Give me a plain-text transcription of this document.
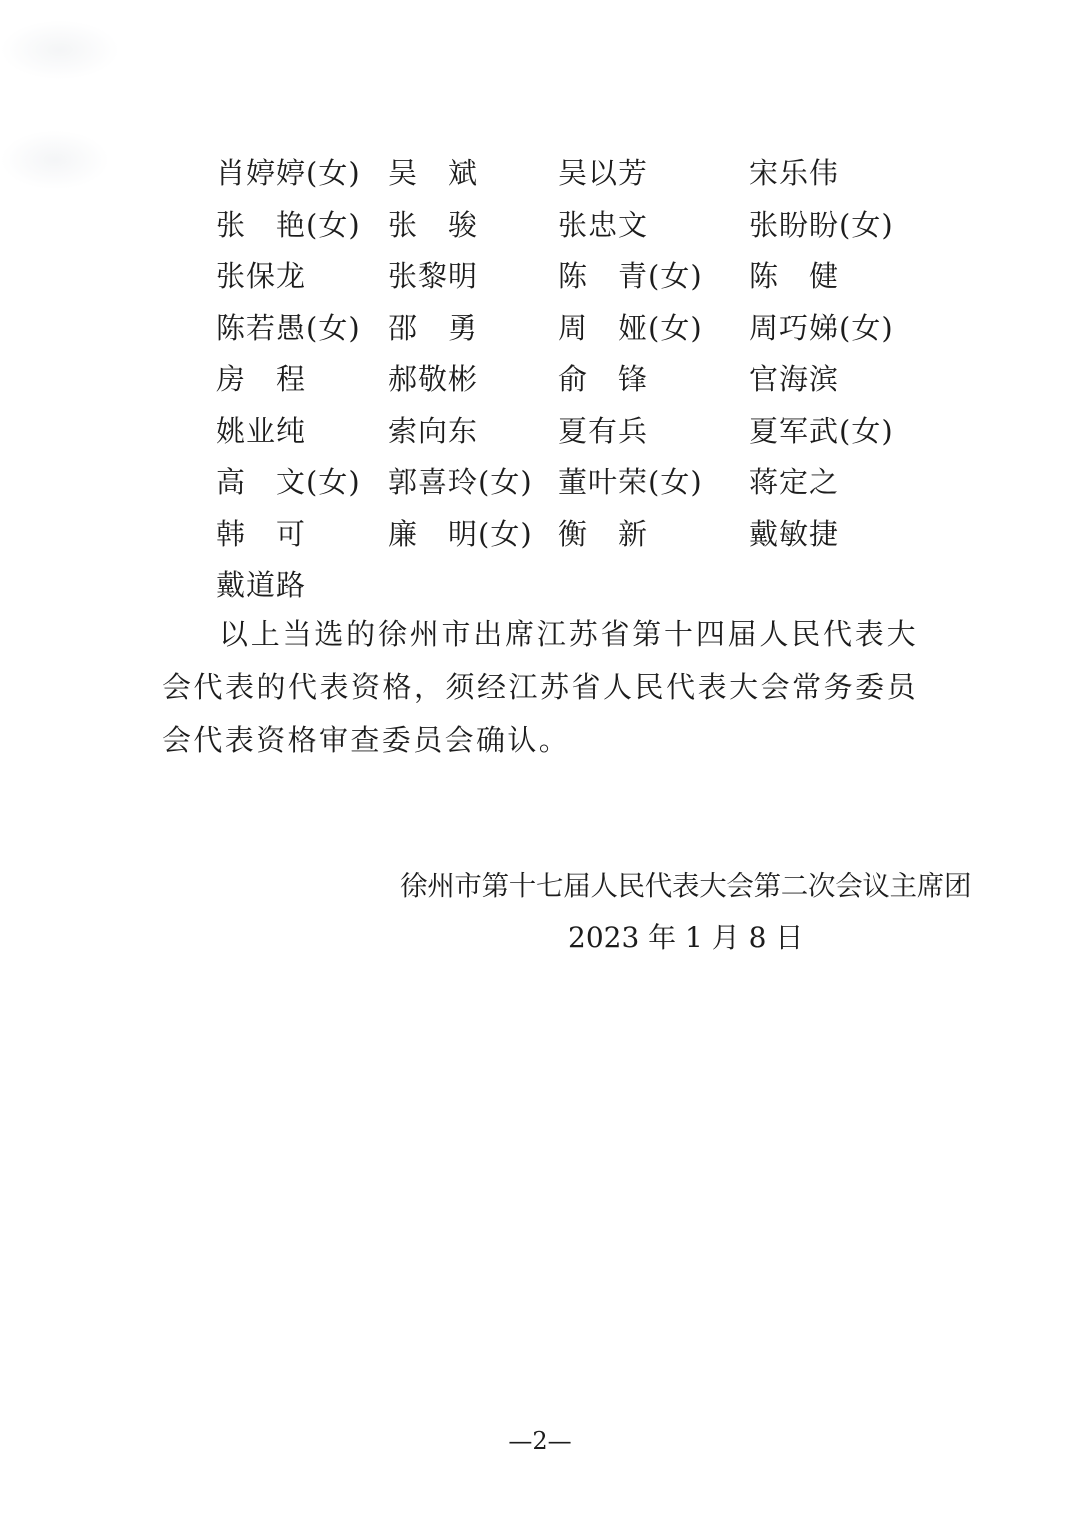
肖婷婷(女) 吴　斌	吴以芳	宋乐伟
张　艳(女) 张　骏	张忠文	张盼盼(女)
张保龙	张黎明	陈　青(女)	陈　健
陈若愚(女) 邵　勇	周　娅(女)	周巧娣(女)
房　程	郝敬彬	俞　锋	官海滨
姚业纯	索向东	夏有兵	夏军武(女)
高　文(女) 郭喜玲(女) 董叶荣(女)	蒋定之
韩　可	廉　明(女) 衡　新	戴敏捷
戴道路

以上当选的徐州市出席江苏省第十四届人民代表大会代表的代表资格，须经江苏省人民代表大会常务委员会代表资格审查委员会确认。

徐州市第十七届人民代表大会第二次会议主席团
2023 年 1 月 8 日
—2—
